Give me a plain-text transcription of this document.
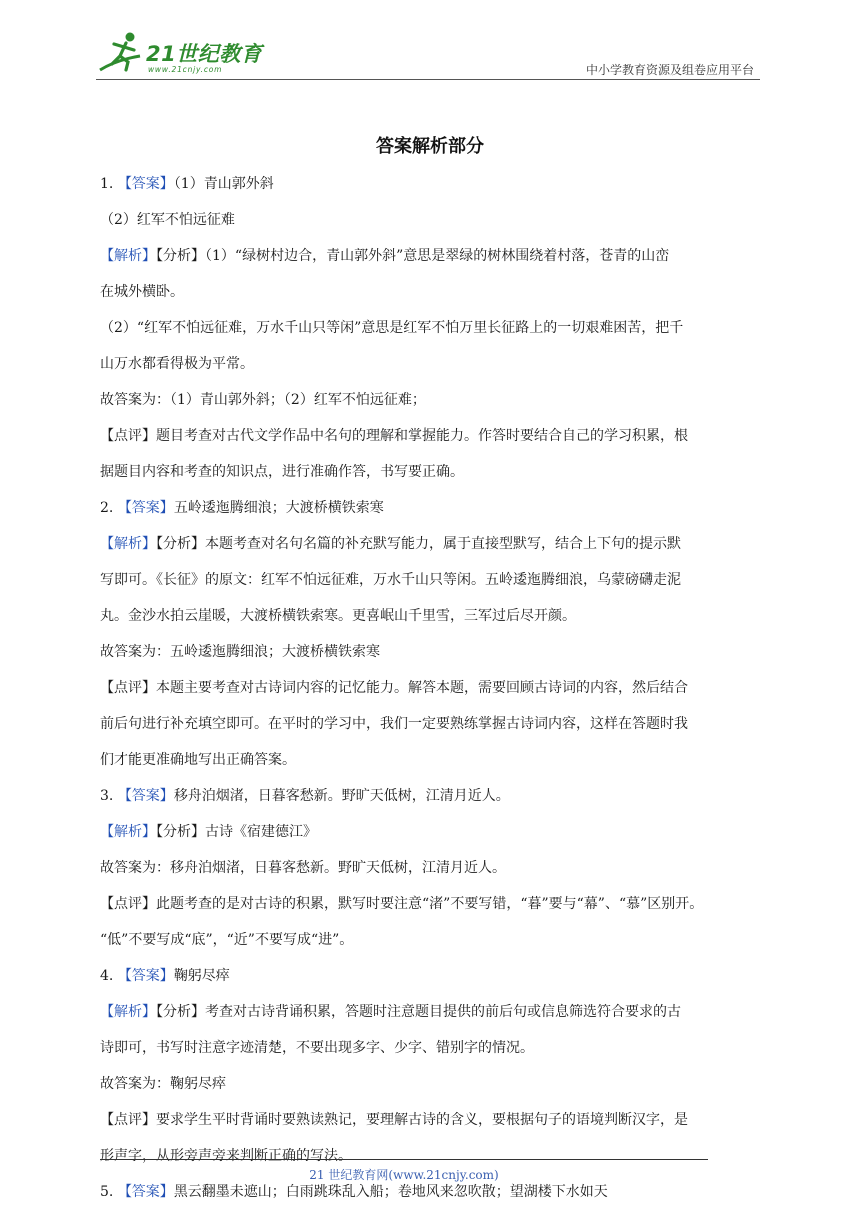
21世纪教育
www.21cnjy.com	中小学教育资源及组卷应用平台
答案解析部分
1. 【答案】（1）青山郭外斜
（2）红军不怕远征难
【解析】【分析】（1）“绿树村边合，青山郭外斜”意思是翠绿的树林围绕着村落，苍青的山峦
在城外横卧。
（2）“红军不怕远征难，万水千山只等闲”意思是红军不怕万里长征路上的一切艰难困苦，把千
山万水都看得极为平常。
故答案为：（1）青山郭外斜；（2）红军不怕远征难；
【点评】题目考查对古代文学作品中名句的理解和掌握能力。作答时要结合自己的学习积累，根
据题目内容和考查的知识点，进行准确作答，书写要正确。
2. 【答案】五岭逶迤腾细浪；大渡桥横铁索寒
【解析】【分析】本题考查对名句名篇的补充默写能力，属于直接型默写，结合上下句的提示默
写即可。《长征》的原文：红军不怕远征难，万水千山只等闲。五岭逶迤腾细浪，乌蒙磅礴走泥
丸。金沙水拍云崖暖，大渡桥横铁索寒。更喜岷山千里雪，三军过后尽开颜。
故答案为：五岭逶迤腾细浪；大渡桥横铁索寒
【点评】本题主要考查对古诗词内容的记忆能力。解答本题，需要回顾古诗词的内容，然后结合
前后句进行补充填空即可。在平时的学习中，我们一定要熟练掌握古诗词内容，这样在答题时我
们才能更准确地写出正确答案。
3. 【答案】移舟泊烟渚，日暮客愁新。野旷天低树，江清月近人。
【解析】【分析】古诗《宿建德江》
故答案为：移舟泊烟渚，日暮客愁新。野旷天低树，江清月近人。
【点评】此题考查的是对古诗的积累，默写时要注意“渚”不要写错，“暮”要与“幕”、“慕”区别开。
“低”不要写成“底”，“近”不要写成“进”。
4. 【答案】鞠躬尽瘁
【解析】【分析】考查对古诗背诵积累，答题时注意题目提供的前后句或信息筛选符合要求的古
诗即可，书写时注意字迹清楚，不要出现多字、少字、错别字的情况。
故答案为：鞠躬尽瘁
【点评】要求学生平时背诵时要熟读熟记，要理解古诗的含义，要根据句子的语境判断汉字，是
形声字，从形旁声旁来判断正确的写法。
5. 【答案】黑云翻墨未遮山；白雨跳珠乱入船；卷地风来忽吹散；望湖楼下水如天
21 世纪教育网(www.21cnjy.com)
